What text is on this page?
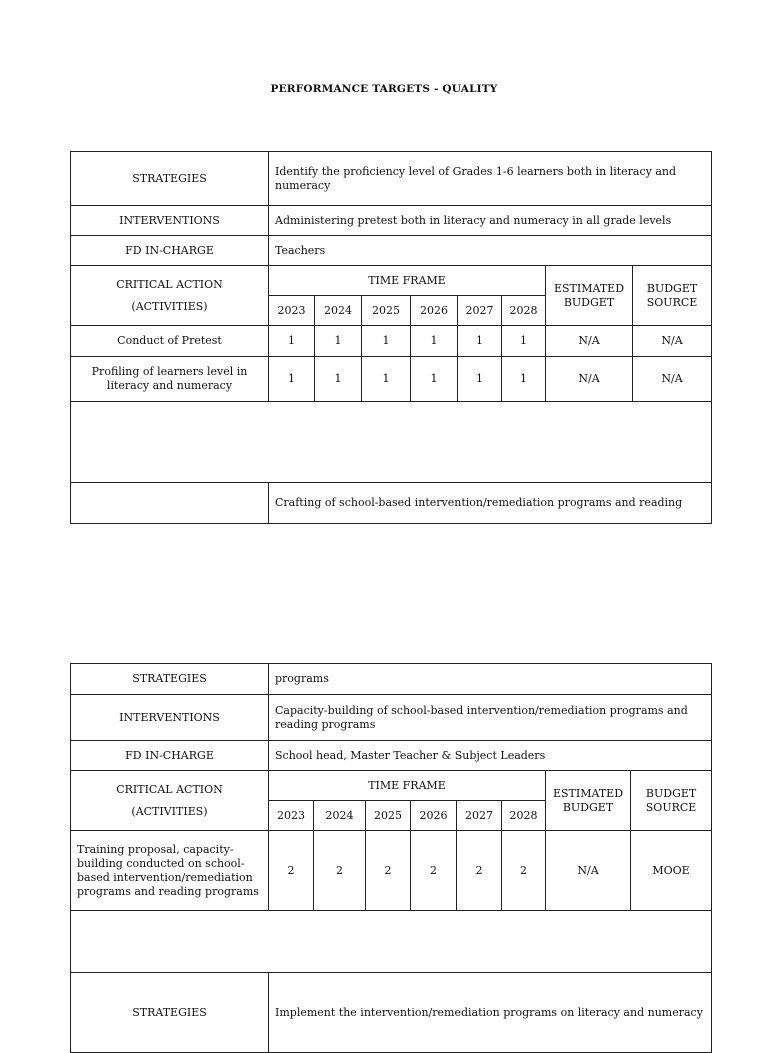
PERFORMANCE TARGETS - QUALITY
STRATEGIES	Identify the proficiency level of Grades 1-6 learners both in literacy and numeracy							
INTERVENTIONS	Administering pretest both in literacy and numeracy in all grade levels							
FD IN-CHARGE	Teachers							
CRITICAL ACTION
(ACTIVITIES)	TIME FRAME						ESTIMATED BUDGET	BUDGET SOURCE
	2023	2024	2025	2026	2027	2028		
Conduct of Pretest	1	1	1	1	1	1	N/A	N/A
Profiling of learners level in literacy and numeracy	1	1	1	1	1	1	N/A	N/A

	Crafting of school-based intervention/remediation programs and reading							
STRATEGIES	programs							
INTERVENTIONS	Capacity-building of school-based intervention/remediation programs and reading programs							
FD IN-CHARGE	School head, Master Teacher & Subject Leaders							
CRITICAL ACTION
(ACTIVITIES)	TIME FRAME						ESTIMATED BUDGET	BUDGET SOURCE
	2023	2024	2025	2026	2027	2028		
Training proposal, capacity-building conducted on school-based intervention/remediation programs and reading programs	2	2	2	2	2	2	N/A	MOOE

STRATEGIES	Implement the intervention/remediation programs on literacy and numeracy							
